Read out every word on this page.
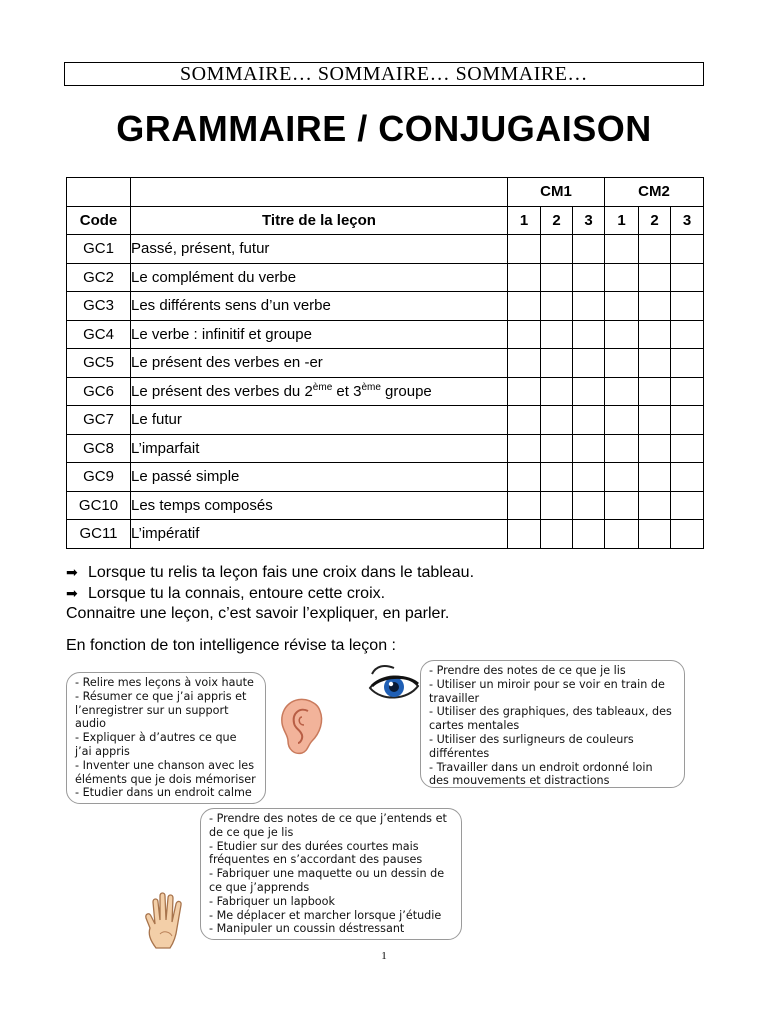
SOMMAIRE… SOMMAIRE… SOMMAIRE…
GRAMMAIRE / CONJUGAISON
		CM1			CM2		
Code	Titre de la leçon	1	2	3	1	2	3
GC1	Passé, présent, futur						
GC2	Le complément du verbe						
GC3	Les différents sens d’un verbe						
GC4	Le verbe : infinitif et groupe						
GC5	Le présent des verbes en -er						
GC6	Le présent des verbes du 2ème et 3ème groupe						
GC7	Le futur						
GC8	L’imparfait						
GC9	Le passé simple						
GC10	Les temps composés						
GC11	L’impératif						
➡ Lorsque tu relis ta leçon fais une croix dans le tableau.
➡ Lorsque tu la connais, entoure cette croix.
Connaitre une leçon, c’est savoir l’expliquer, en parler.
En fonction de ton intelligence révise ta leçon :
- Relire mes leçons à voix haute
- Résumer ce que j’ai appris et
l’enregistrer sur un support
audio
- Expliquer à d’autres ce que
j’ai appris
- Inventer une chanson avec les
éléments que je dois mémoriser
- Etudier dans un endroit calme
- Prendre des notes de ce que je lis
- Utiliser un miroir pour se voir en train de
travailler
- Utiliser des graphiques, des tableaux, des
cartes mentales
- Utiliser des surligneurs de couleurs
différentes
- Travailler dans un endroit ordonné loin
des mouvements et distractions
- Prendre des notes de ce que j’entends et
de ce que je lis
- Etudier sur des durées courtes mais
fréquentes en s’accordant des pauses
- Fabriquer une maquette ou un dessin de
ce que j’apprends
- Fabriquer un lapbook
- Me déplacer et marcher lorsque j’étudie
- Manipuler un coussin déstressant
1
